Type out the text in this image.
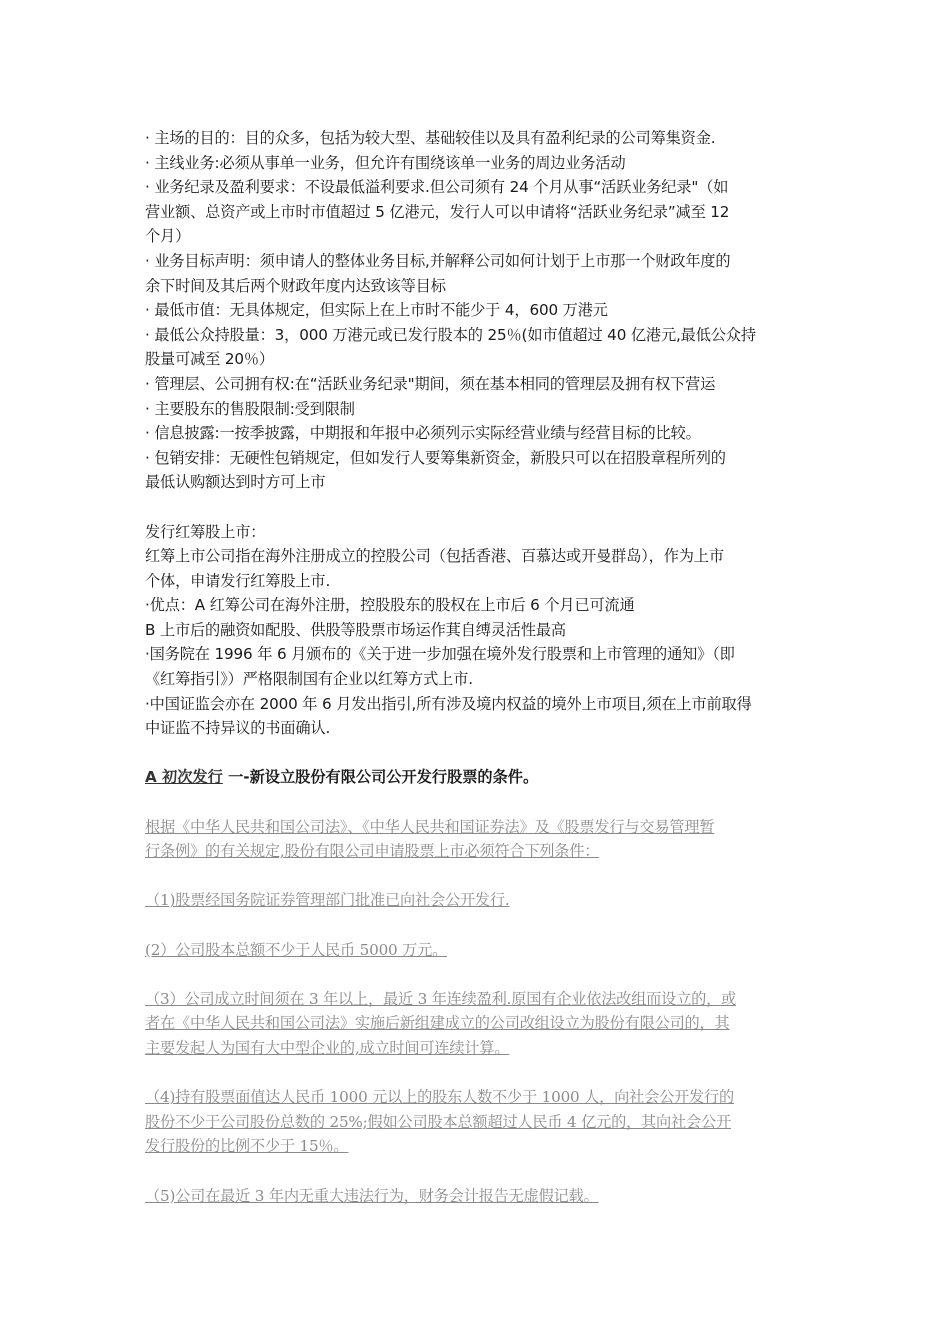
· 主场的目的：目的众多，包括为较大型、基础较佳以及具有盈利纪录的公司筹集资金.
· 主线业务:必须从事单一业务，但允许有围绕该单一业务的周边业务活动
· 业务纪录及盈利要求：不设最低溢利要求.但公司须有 24 个月从事“活跃业务纪录"（如
营业额、总资产或上市时市值超过 5 亿港元，发行人可以申请将“活跃业务纪录”减至 12
个月）
· 业务目标声明：须申请人的整体业务目标,并解释公司如何计划于上市那一个财政年度的
余下时间及其后两个财政年度内达致该等目标
· 最低市值：无具体规定，但实际上在上市时不能少于 4，600 万港元
· 最低公众持股量：3，000 万港元或已发行股本的 25％(如市值超过 40 亿港元,最低公众持
股量可减至 20％）
· 管理层、公司拥有权:在“活跃业务纪录"期间，须在基本相同的管理层及拥有权下营运
· 主要股东的售股限制:受到限制
· 信息披露:一按季披露，中期报和年报中必须列示实际经营业绩与经营目标的比较。
· 包销安排：无硬性包销规定，但如发行人要筹集新资金，新股只可以在招股章程所列的
最低认购额达到时方可上市
发行红筹股上市：
红筹上市公司指在海外注册成立的控股公司（包括香港、百慕达或开曼群岛），作为上市
个体，申请发行红筹股上市.
·优点：A 红筹公司在海外注册，控股股东的股权在上市后 6 个月已可流通
B 上市后的融资如配股、供股等股票市场运作萁自缚灵活性最高
·国务院在 1996 年 6 月颁布的《关于进一步加强在境外发行股票和上市管理的通知》（即
《红筹指引》）严格限制国有企业以红筹方式上市.
·中国证监会亦在 2000 年 6 月发出指引,所有涉及境内权益的境外上市项目,须在上市前取得
中证监不持异议的书面确认.
A 初次发行 一-新设立股份有限公司公开发行股票的条件。
根据《中华人民共和国公司法》、《中华人民共和国证券法》及《股票发行与交易管理暂
行条例》的有关规定,股份有限公司申请股票上市必须符合下列条件：
（1)股票经国务院证券管理部门批准已向社会公开发行.
(2）公司股本总额不少于人民币 5000 万元。
（3）公司成立时间须在 3 年以上，最近 3 年连续盈利.原国有企业依法改组而设立的，或
者在《中华人民共和国公司法》实施后新组建成立的公司改组设立为股份有限公司的，其
主要发起人为国有大中型企业的,成立时间可连续计算。
（4)持有股票面值达人民币 1000 元以上的股东人数不少于 1000 人，向社会公开发行的
股份不少于公司股份总数的 25%;假如公司股本总额超过人民币 4 亿元的，其向社会公开
发行股份的比例不少于 15％。
（5)公司在最近 3 年内无重大违法行为，财务会计报告无虚假记载。
